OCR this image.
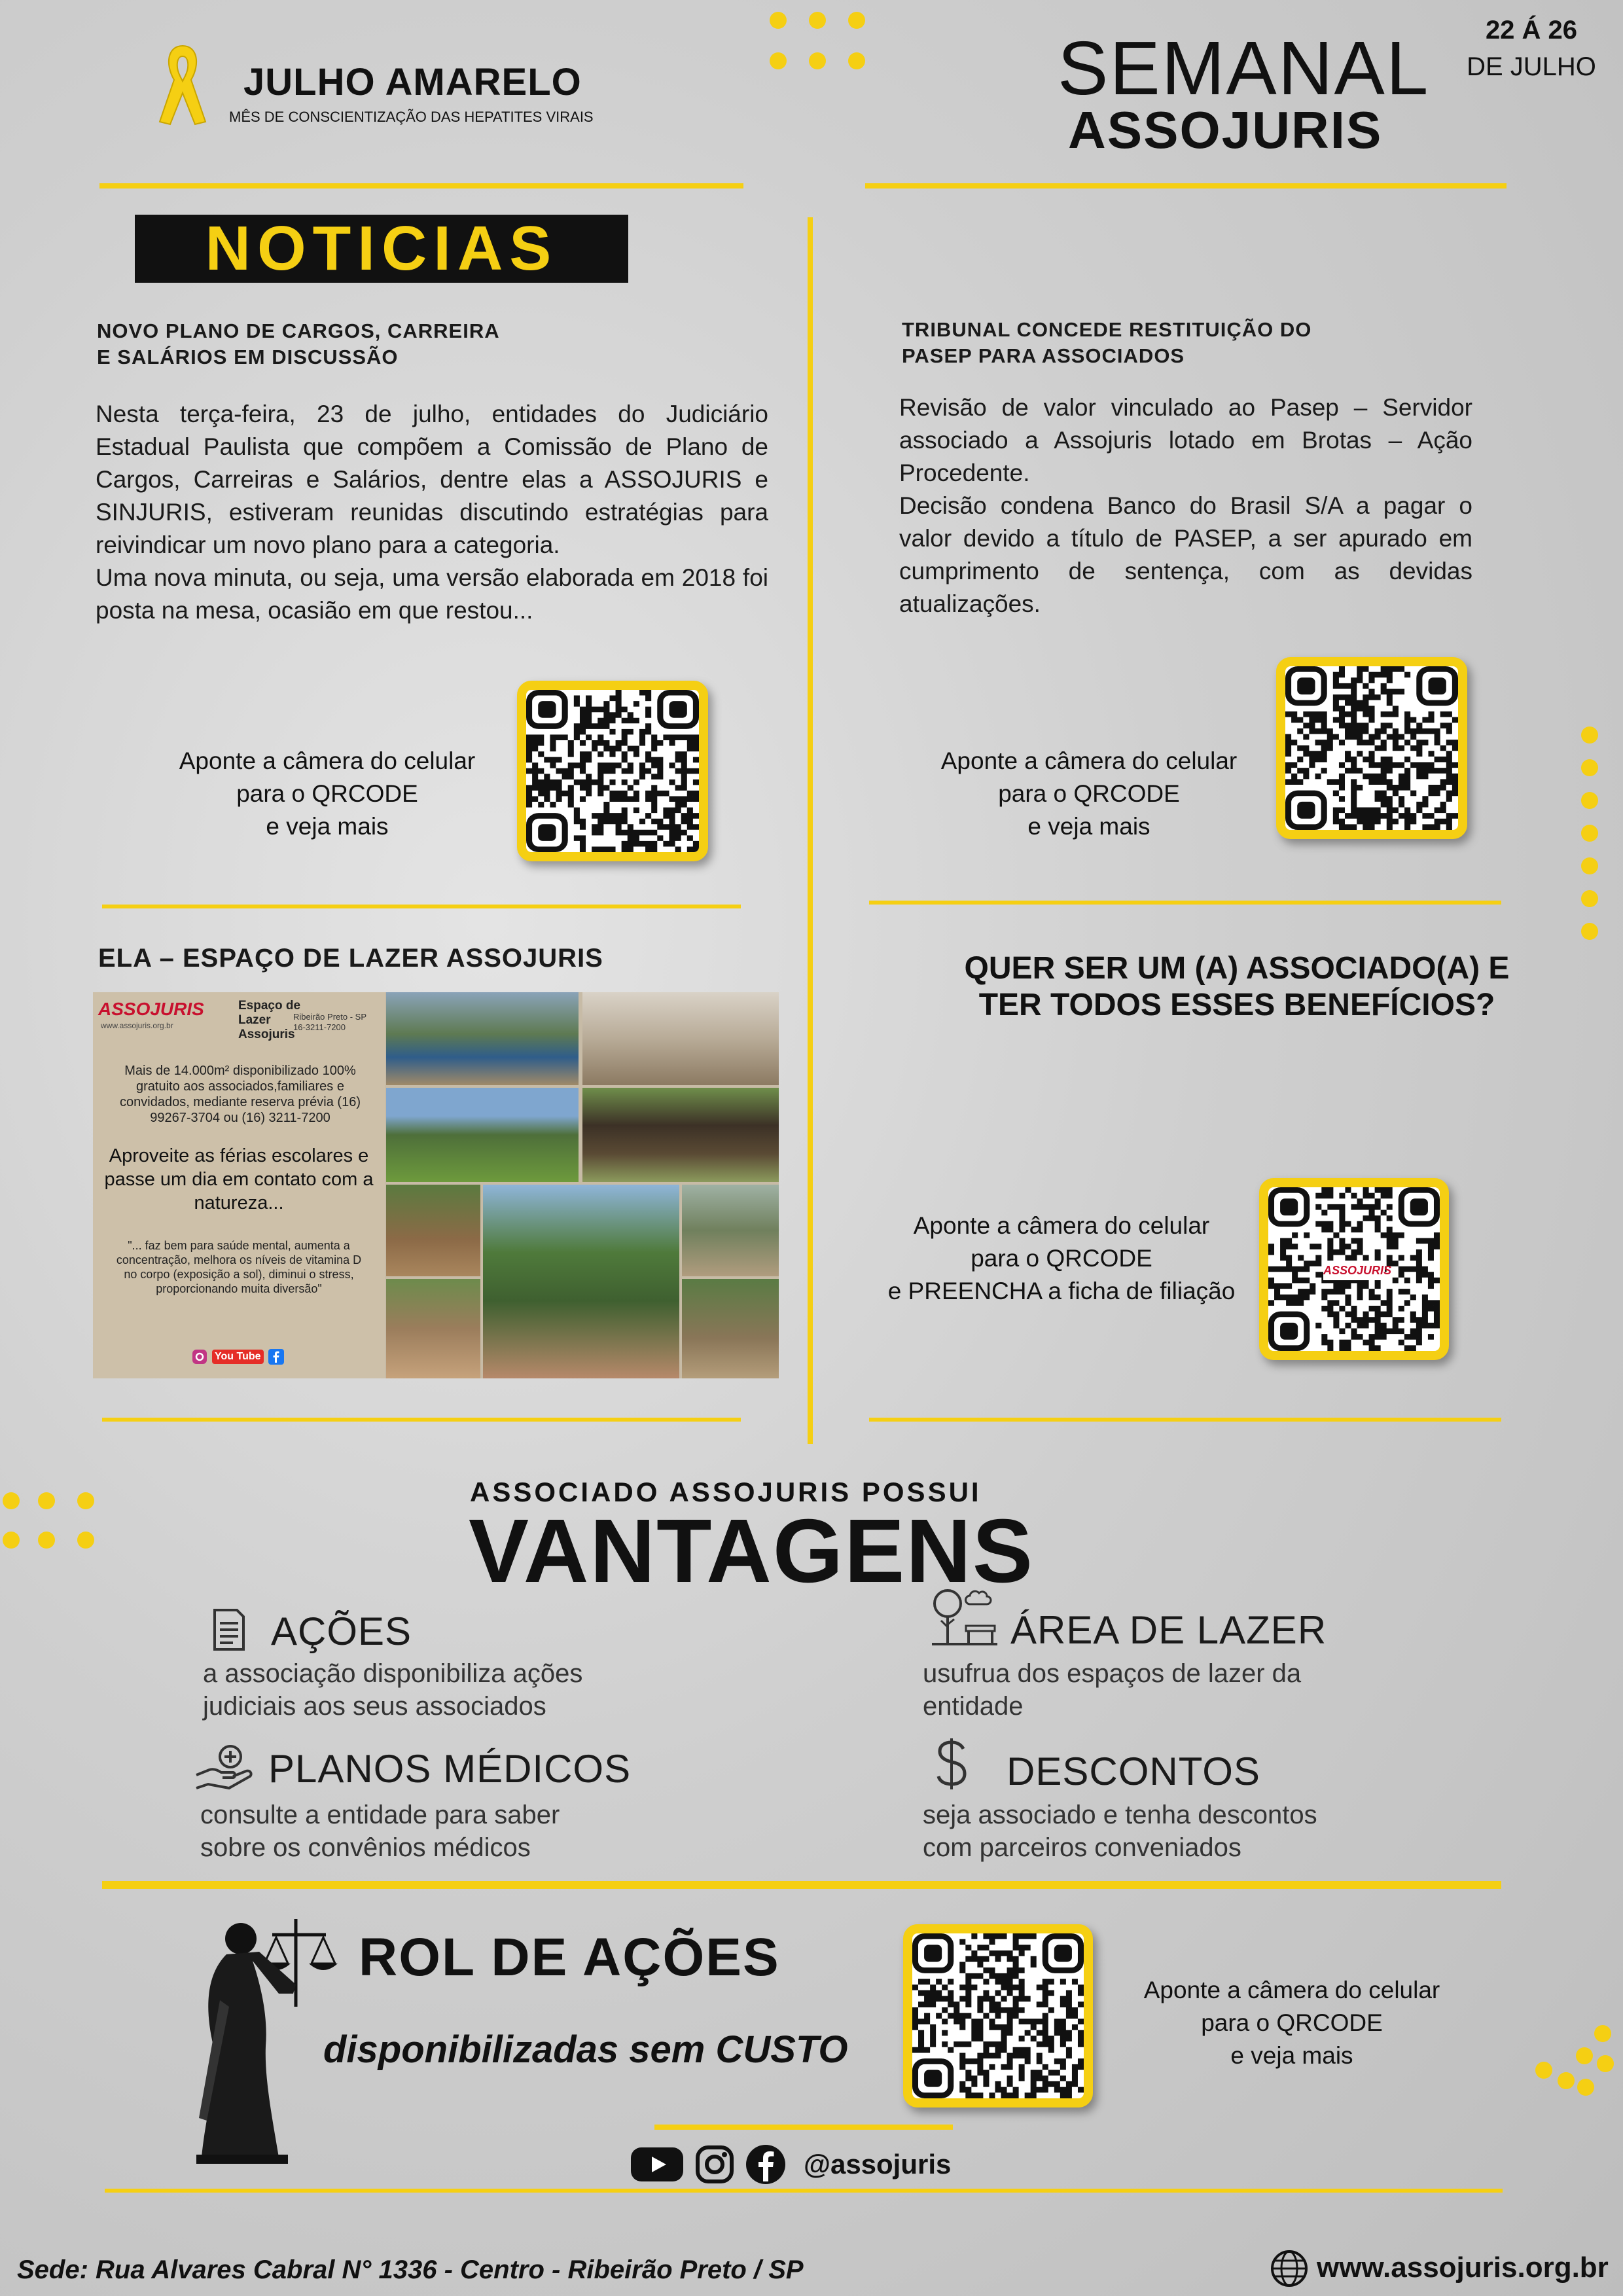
JULHO AMARELO
MÊS DE CONSCIENTIZAÇÃO DAS HEPATITES VIRAIS
SEMANAL
ASSOJURIS
22 Á 26
DE JULHO
NOTICIAS
NOVO PLANO DE CARGOS, CARREIRA
E SALÁRIOS EM DISCUSSÃO

Nesta terça-feira, 23 de julho, entidades do Judiciário Estadual Paulista que compõem a Comissão de Plano de Cargos, Carreiras e Salários, dentre elas a ASSOJURIS e SINJURIS, estiveram reunidas discutindo estratégias para reivindicar um novo plano para a categoria.

Uma nova minuta, ou seja, uma versão elaborada em 2018 foi posta na mesa, ocasião em que restou...

Aponte a câmera do celular
para o QRCODE
e veja mais
TRIBUNAL CONCEDE RESTITUIÇÃO DO
PASEP PARA ASSOCIADOS

Revisão de valor vinculado ao Pasep – Servidor associado a Assojuris lotado em Brotas – Ação Procedente.

Decisão condena Banco do Brasil S/A a pagar o valor devido a título de PASEP, a ser apurado em cumprimento de sentença, com as devidas atualizações.

Aponte a câmera do celular
para o QRCODE
e veja mais
ELA – ESPAÇO DE LAZER ASSOJURIS
ASSOJURIS
www.assojuris.org.br
Espaço de
Lazer
Assojuris
Ribeirão Preto - SP
16-3211-7200
Mais de 14.000m² disponibilizado 100% gratuito aos associados,familiares e convidados, mediante reserva prévia (16) 99267-3704 ou (16) 3211-7200
Aproveite as férias escolares e passe um dia em contato com a natureza...
"... faz bem para saúde mental, aumenta a concentração, melhora os níveis de vitamina D no corpo (exposição a sol), diminui o stress, proporcionando muita diversão"
You Tube
QUER SER UM (A) ASSOCIADO(A) E
TER TODOS ESSES BENEFÍCIOS?
Aponte a câmera do celular
para o QRCODE
e PREENCHA a ficha de filiação
ASSOJURIS
ASSOCIADO ASSOJURIS POSSUI
VANTAGENS
AÇÕES
a associação disponibiliza ações
judiciais aos seus associados
ÁREA DE LAZER
usufrua dos espaços de lazer da
entidade
PLANOS MÉDICOS
consulte a entidade para saber
sobre os convênios médicos
DESCONTOS
seja associado e tenha descontos
com parceiros conveniados
ROL DE AÇÕES
disponibilizadas sem CUSTO
Aponte a câmera do celular
para o QRCODE
e veja mais
@assojuris
Sede: Rua Alvares Cabral N° 1336 - Centro - Ribeirão Preto / SP	www.assojuris.org.br
